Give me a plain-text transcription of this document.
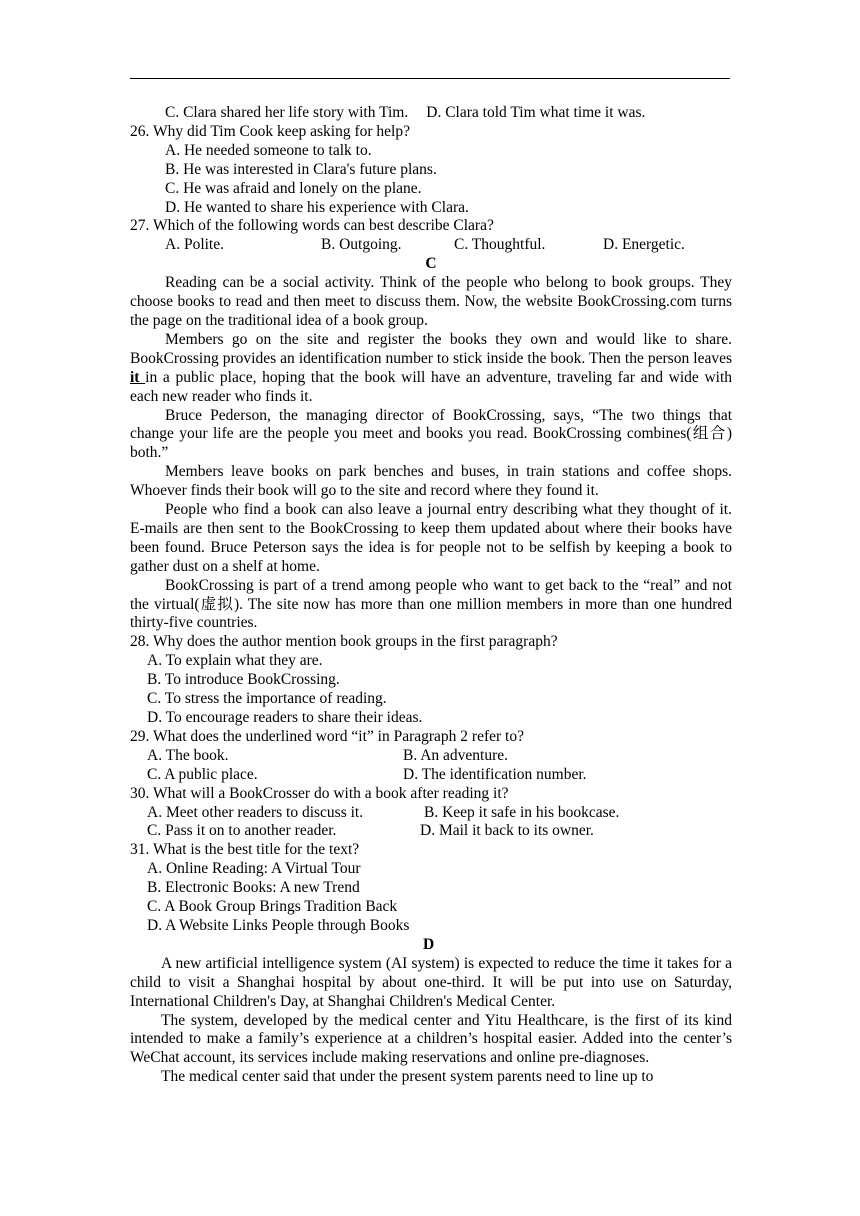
C. Clara shared her life story with Tim. D. Clara told Tim what time it was.

26. Why did Tim Cook keep asking for help?

A. He needed someone to talk to.

B. He was interested in Clara's future plans.

C. He was afraid and lonely on the plane.

D. He wanted to share his experience with Clara.

27. Which of the following words can best describe Clara?

A. Polite.	B. Outgoing.	C. Thoughtful.	D. Energetic.

C

Reading can be a social activity. Think of the people who belong to book groups. They choose books to read and then meet to discuss them. Now, the website BookCrossing.com turns the page on the traditional idea of a book group.

Members go on the site and register the books they own and would like to share. BookCrossing provides an identification number to stick inside the book. Then the person leaves it in a public place, hoping that the book will have an adventure, traveling far and wide with each new reader who finds it.

Bruce Pederson, the managing director of BookCrossing, says, “The two things that change your life are the people you meet and books you read. BookCrossing combines(组合) both.”

Members leave books on park benches and buses, in train stations and coffee shops. Whoever finds their book will go to the site and record where they found it.

People who find a book can also leave a journal entry describing what they thought of it. E-mails are then sent to the BookCrossing to keep them updated about where their books have been found. Bruce Peterson says the idea is for people not to be selfish by keeping a book to gather dust on a shelf at home.

BookCrossing is part of a trend among people who want to get back to the “real” and not the virtual(虚拟). The site now has more than one million members in more than one hundred thirty-five countries.

28. Why does the author mention book groups in the first paragraph?

A. To explain what they are.

B. To introduce BookCrossing.

C. To stress the importance of reading.

D. To encourage readers to share their ideas.

29. What does the underlined word “it” in Paragraph 2 refer to?

A. The book.	B. An adventure.

C. A public place.	D. The identification number.

30. What will a BookCrosser do with a book after reading it?

A. Meet other readers to discuss it.	B. Keep it safe in his bookcase.

C. Pass it on to another reader.	D. Mail it back to its owner.

31. What is the best title for the text?

A. Online Reading: A Virtual Tour

B. Electronic Books: A new Trend

C. A Book Group Brings Tradition Back

D. A Website Links People through Books

D

A new artificial intelligence system (AI system) is expected to reduce the time it takes for a child to visit a Shanghai hospital by about one-third. It will be put into use on Saturday, International Children's Day, at Shanghai Children's Medical Center.

The system, developed by the medical center and Yitu Healthcare, is the first of its kind intended to make a family’s experience at a children’s hospital easier. Added into the center’s WeChat account, its services include making reservations and online pre-diagnoses.

The medical center said that under the present system parents need to line up to
